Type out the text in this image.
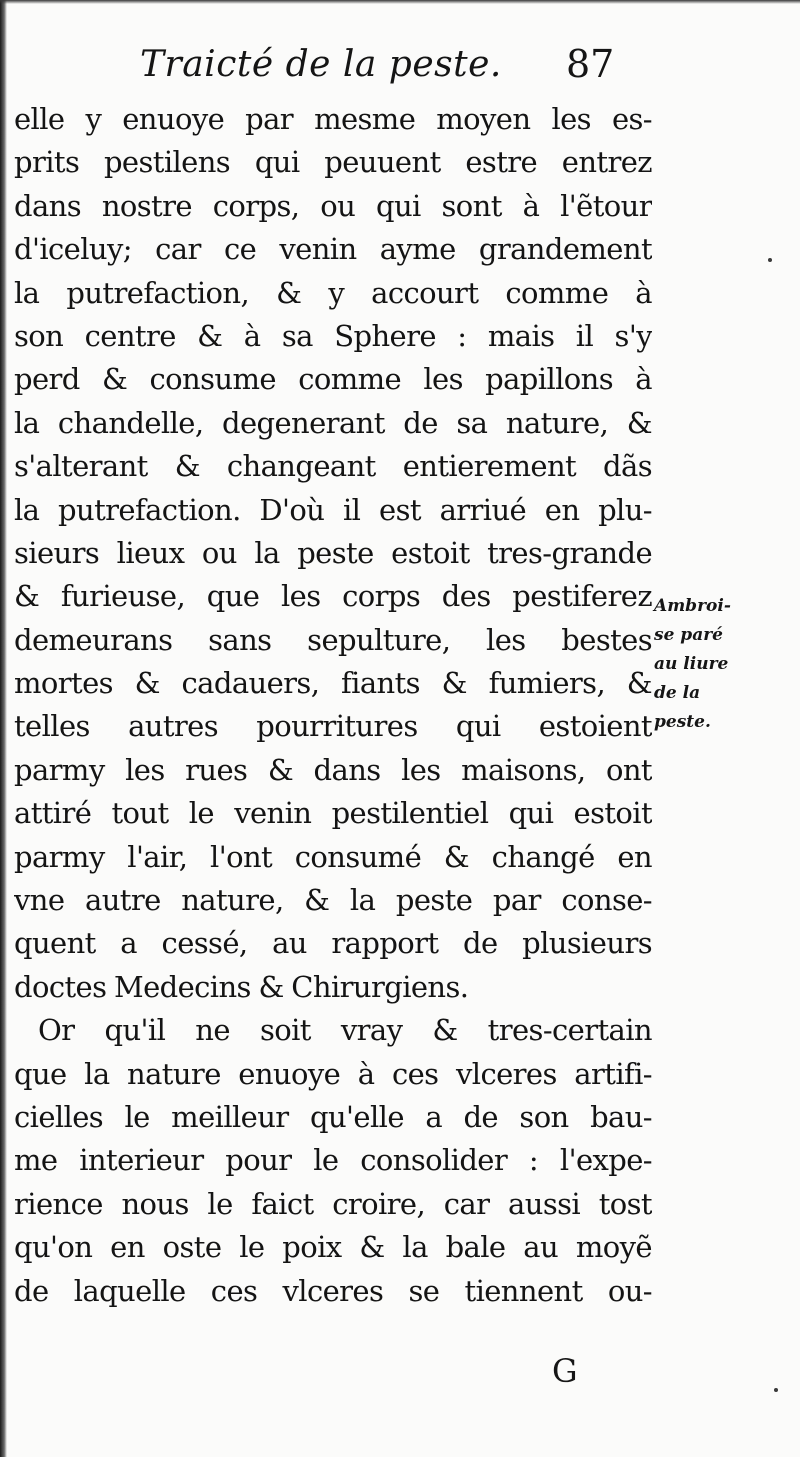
Traicté de la peste. 87
elle y enuoye par mesme moyen les es-
prits pestilens qui peuuent estre entrez
dans nostre corps, ou qui sont à l'ẽtour
d'iceluy; car ce venin ayme grandement
la putrefaction, & y accourt comme à
son centre & à sa Sphere : mais il s'y
perd & consume comme les papillons à
la chandelle, degenerant de sa nature, &
s'alterant & changeant entierement dãs
la putrefaction. D'où il est arriué en plu-
sieurs lieux ou la peste estoit tres-grande
& furieuse, que les corps des pestiferez
demeurans sans sepulture, les bestes
mortes & cadauers, fiants & fumiers, &
telles autres pourritures qui estoient
parmy les rues & dans les maisons, ont
attiré tout le venin pestilentiel qui estoit
parmy l'air, l'ont consumé & changé en
vne autre nature, & la peste par conse-
quent a cessé, au rapport de plusieurs
doctes Medecins & Chirurgiens.
Or qu'il ne soit vray & tres-certain
que la nature enuoye à ces vlceres artifi-
cielles le meilleur qu'elle a de son bau-
me interieur pour le consolider : l'expe-
rience nous le faict croire, car aussi tost
qu'on en oste le poix & la bale au moyẽ
de laquelle ces vlceres se tiennent ou-
Ambroi-
se paré
au liure
de la
peste.
G
